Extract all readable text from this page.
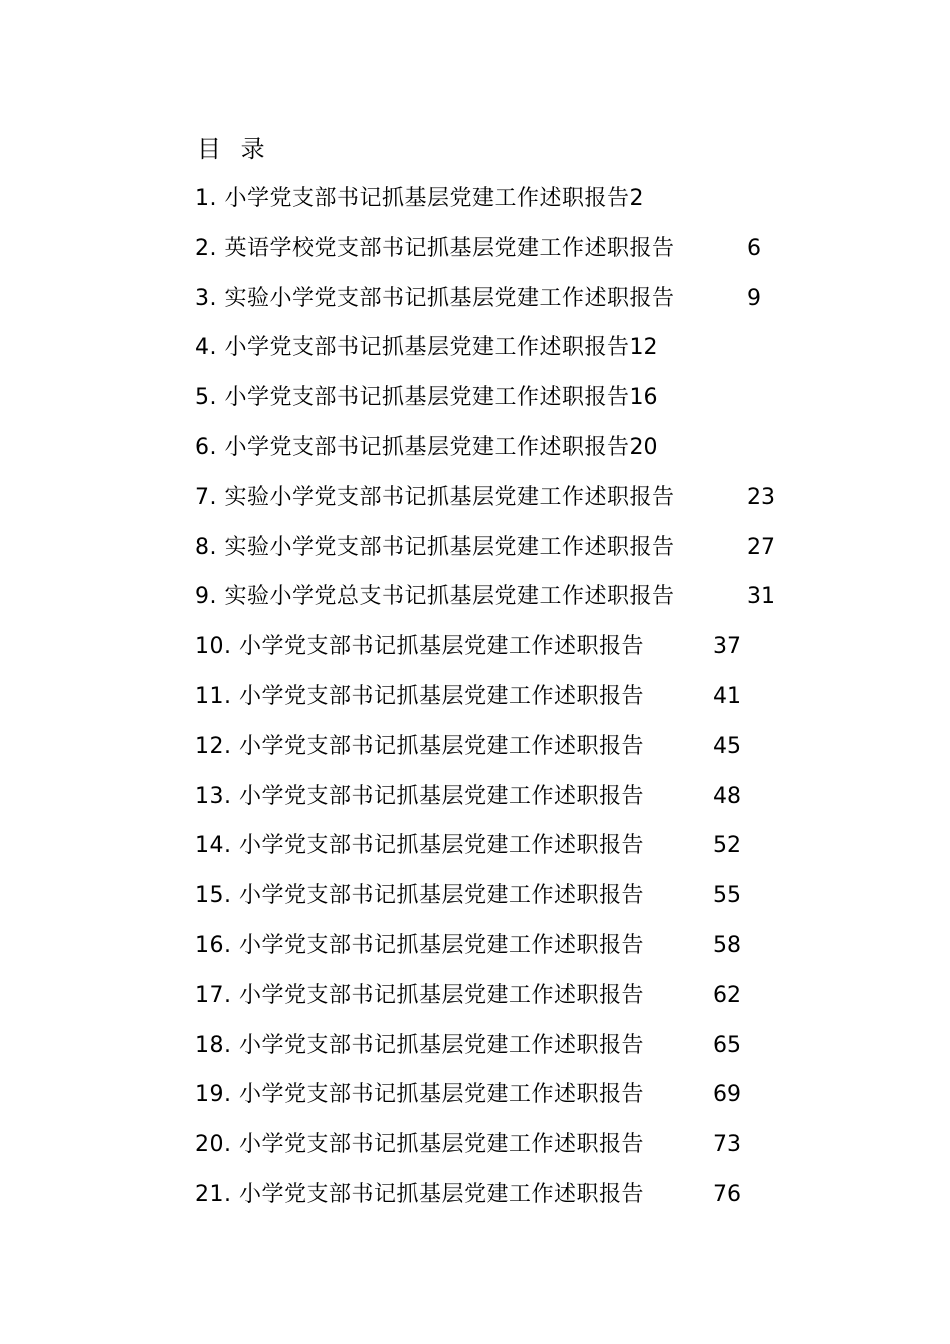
目 录
1. 小学党支部书记抓基层党建工作述职报告2
2. 英语学校党支部书记抓基层党建工作述职报告	6
3. 实验小学党支部书记抓基层党建工作述职报告	9
4. 小学党支部书记抓基层党建工作述职报告12
5. 小学党支部书记抓基层党建工作述职报告16
6. 小学党支部书记抓基层党建工作述职报告20
7. 实验小学党支部书记抓基层党建工作述职报告	23
8. 实验小学党支部书记抓基层党建工作述职报告	27
9. 实验小学党总支书记抓基层党建工作述职报告	31
10. 小学党支部书记抓基层党建工作述职报告	37
11. 小学党支部书记抓基层党建工作述职报告	41
12. 小学党支部书记抓基层党建工作述职报告	45
13. 小学党支部书记抓基层党建工作述职报告	48
14. 小学党支部书记抓基层党建工作述职报告	52
15. 小学党支部书记抓基层党建工作述职报告	55
16. 小学党支部书记抓基层党建工作述职报告	58
17. 小学党支部书记抓基层党建工作述职报告	62
18. 小学党支部书记抓基层党建工作述职报告	65
19. 小学党支部书记抓基层党建工作述职报告	69
20. 小学党支部书记抓基层党建工作述职报告	73
21. 小学党支部书记抓基层党建工作述职报告	76
